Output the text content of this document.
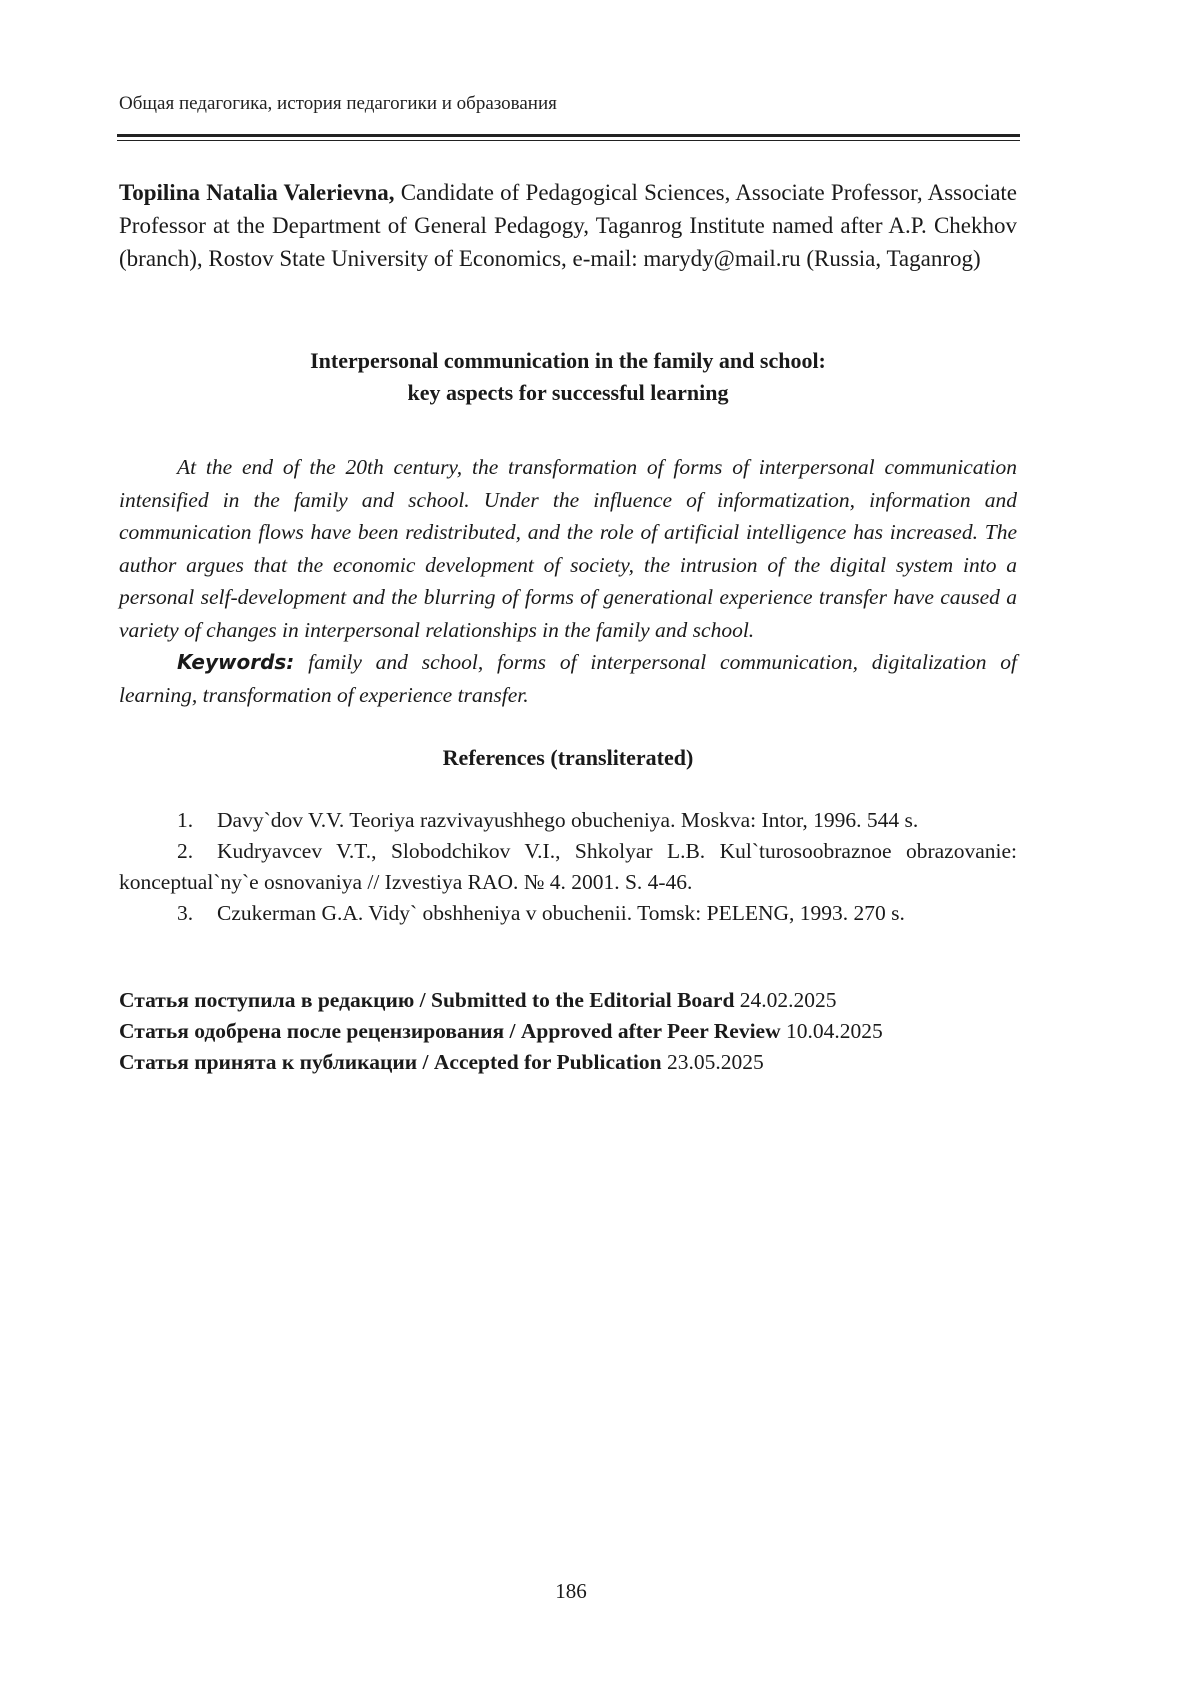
Общая педагогика, история педагогики и образования
Topilina Natalia Valerievna, Candidate of Pedagogical Sciences, Associate Professor, Associate Professor at the Department of General Pedagogy, Taganrog Institute named after A.P. Chekhov (branch), Rostov State University of Economics, e-mail: marydy@mail.ru (Russia, Taganrog)
Interpersonal communication in the family and school:
key aspects for successful learning

At the end of the 20th century, the transformation of forms of interpersonal communication intensified in the family and school. Under the influence of informatization, information and communication flows have been redistributed, and the role of artificial intelligence has increased. The author argues that the economic development of society, the intrusion of the digital system into a personal self-development and the blurring of forms of generational experience transfer have caused a variety of changes in interpersonal relationships in the family and school.

Keywords: family and school, forms of interpersonal communication, digitalization of learning, transformation of experience transfer.

References (transliterated)
1. Davy`dov V.V. Teoriya razvivayushhego obucheniya. Moskva: Intor, 1996. 544 s.
2. Kudryavcev V.T., Slobodchikov V.I., Shkolyar L.B. Kul`turosoobraznoe obrazovanie: konceptual`ny`e osnovaniya // Izvestiya RAO. № 4. 2001. S. 4-46.
3. Czukerman G.A. Vidy` obshheniya v obuchenii. Tomsk: PELENG, 1993. 270 s.
Статья поступила в редакцию / Submitted to the Editorial Board 24.02.2025
Статья одобрена после рецензирования / Approved after Peer Review 10.04.2025
Статья принята к публикации / Accepted for Publication 23.05.2025
186
